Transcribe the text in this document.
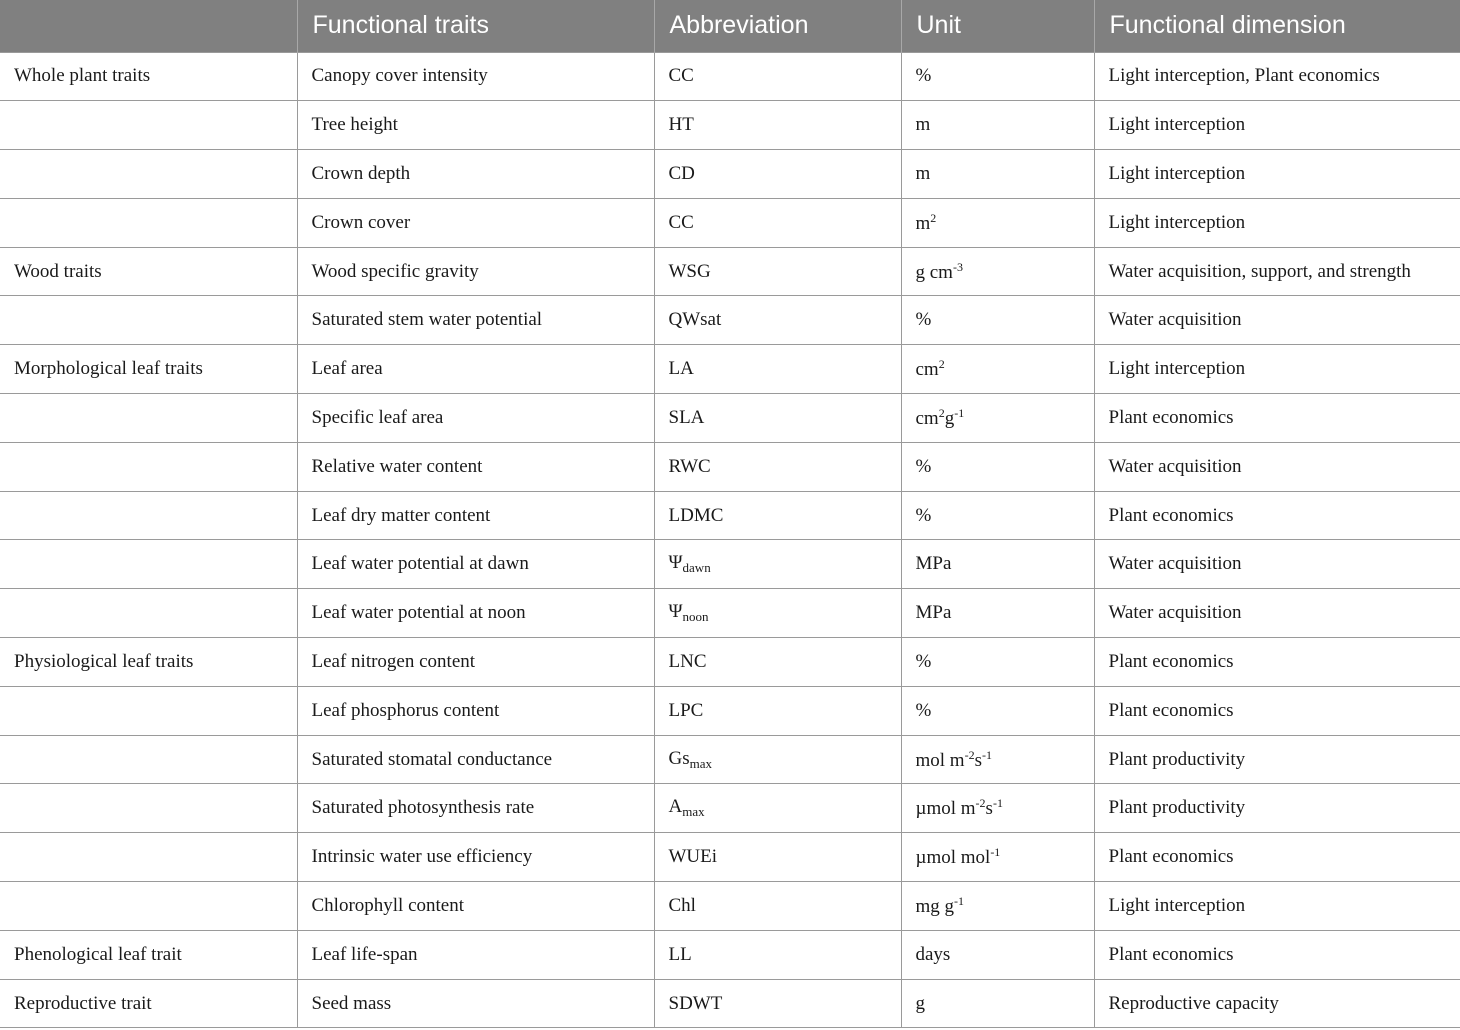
	Functional traits	Abbreviation	Unit	Functional dimension
Whole plant traits	Canopy cover intensity	CC	%	Light interception, Plant economics
	Tree height	HT	m	Light interception
	Crown depth	CD	m	Light interception
	Crown cover	CC	$m^2$	Light interception
Wood traits	Wood specific gravity	WSG	g $cm^{-3}$	Water acquisition, support, and strength
	Saturated stem water potential	QWsat	%	Water acquisition
Morphological leaf traits	Leaf area	LA	$cm^2$	Light interception
	Specific leaf area	SLA	$cm^2g^{-1}$	Plant economics
	Relative water content	RWC	%	Water acquisition
	Leaf dry matter content	LDMC	%	Plant economics
	Leaf water potential at dawn	$\Psi_{dawn}$	MPa	Water acquisition
	Leaf water potential at noon	$\Psi_{noon}$	MPa	Water acquisition
Physiological leaf traits	Leaf nitrogen content	LNC	%	Plant economics
	Leaf phosphorus content	LPC	%	Plant economics
	Saturated stomatal conductance	$Gs_{max}$	mol $m^{-2}s^{-1}$	Plant productivity
	Saturated photosynthesis rate	$A_{max}$	µmol $m^{-2}s^{-1}$	Plant productivity
	Intrinsic water use efficiency	WUEi	µmol mol$^{-1}$	Plant economics
	Chlorophyll content	Chl	mg $g^{-1}$	Light interception
Phenological leaf trait	Leaf life-span	LL	days	Plant economics
Reproductive trait	Seed mass	SDWT	g	Reproductive capacity
